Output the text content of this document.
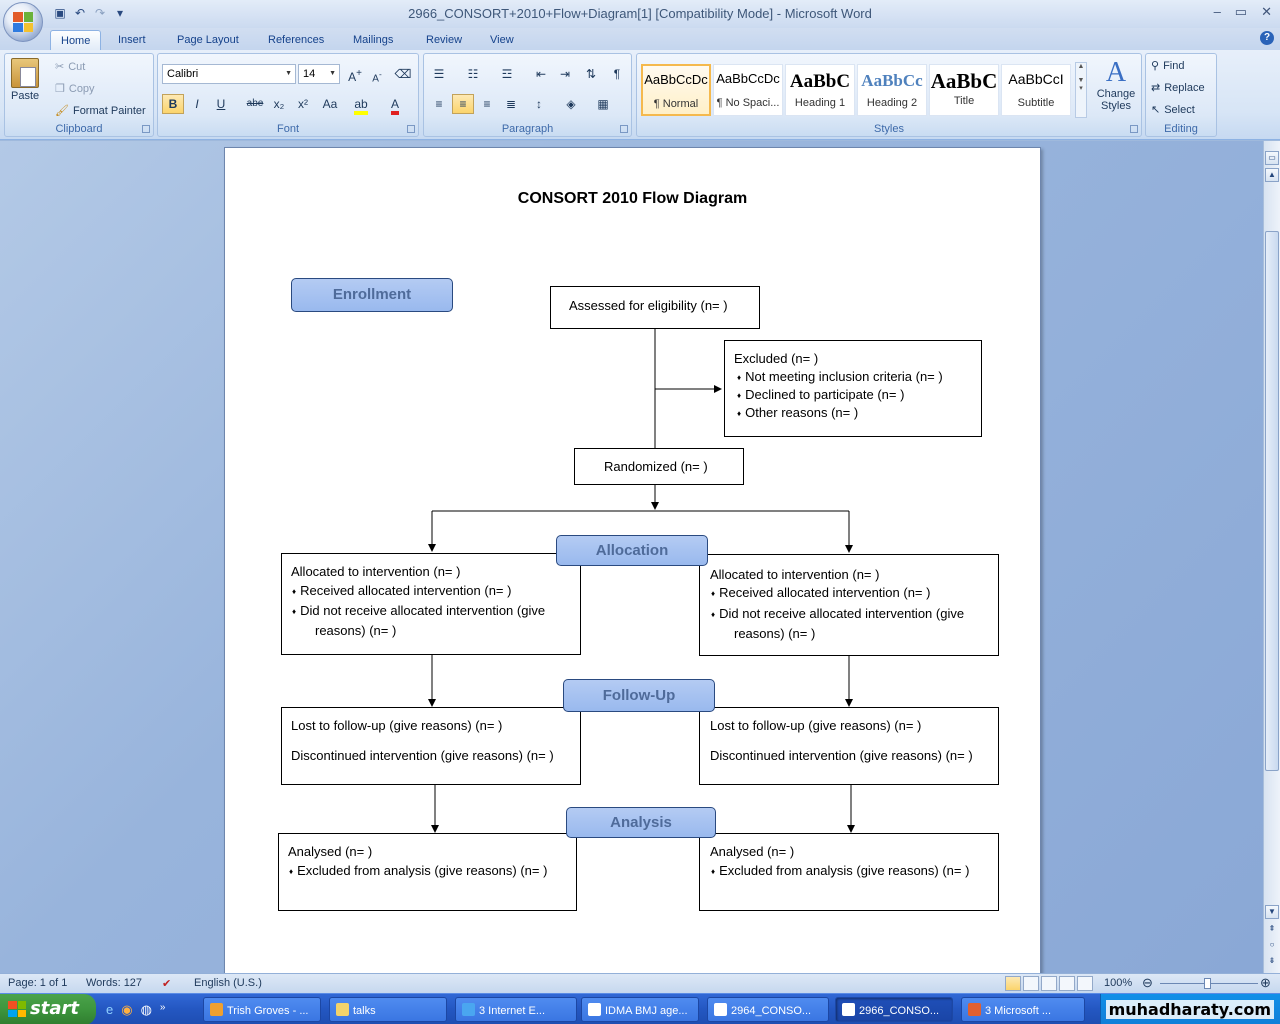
▣ ↶ ↷ ▾	2966_CONSORT+2010+Flow+Diagram[1] [Compatibility Mode] - Microsoft Word	– ▭ ✕
Home	Insert	Page Layout	References	Mailings	Review	View	?
Paste
✂ Cut
❐ Copy
🖌 Format Painter
Clipboard
Calibri	▼	14 ▼	A+	A-	⌫
B	I	U	abe x₂	x²	Aa	ab	A
Font
☰	☷	☲	⇤	⇥	⇅	¶
≡	≡	≡	≣	↕	◈	▦
Paragraph
AaBbCcDc
¶ Normal
AaBbCcDc
¶ No Spaci...
AaBbC
Heading 1
AaBbCc
Heading 2
AaBbC
Title
AaBbCcI
Subtitle
▲

▼
▾
A
Change Styles
Styles
⚲ Find
⇄ Replace
↖ Select
Editing
CONSORT 2010 Flow Diagram
Enrollment
Assessed for eligibility (n= )
Excluded (n= )
♦ Not meeting inclusion criteria (n= )
♦ Declined to participate (n= )
♦ Other reasons (n= )
Randomized (n= )
Allocated to intervention (n= )
♦ Received allocated intervention (n= )
♦ Did not receive allocated intervention (give
reasons) (n= )
Allocated to intervention (n= )
♦ Received allocated intervention (n= )
♦ Did not receive allocated intervention (give
reasons) (n= )
Allocation
Lost to follow-up (give reasons) (n= )
Discontinued intervention (give reasons) (n= )
Lost to follow-up (give reasons) (n= )
Discontinued intervention (give reasons) (n= )
Follow-Up
Analysed (n= )
♦ Excluded from analysis (give reasons) (n= )
Analysed (n= )
♦ Excluded from analysis (give reasons) (n= )
Analysis
▭
▲
▼
⇞
○
⇟
Page: 1 of 1 Words: 127 ✔ English (U.S.)	100% ⊖	⊕
start	e ◉ ◍ »	Trish Groves - ...	talks	3 Internet E...	IDMA BMJ age...	2964_CONSO...	2966_CONSO...	3 Microsoft ...	muhadharaty.com
